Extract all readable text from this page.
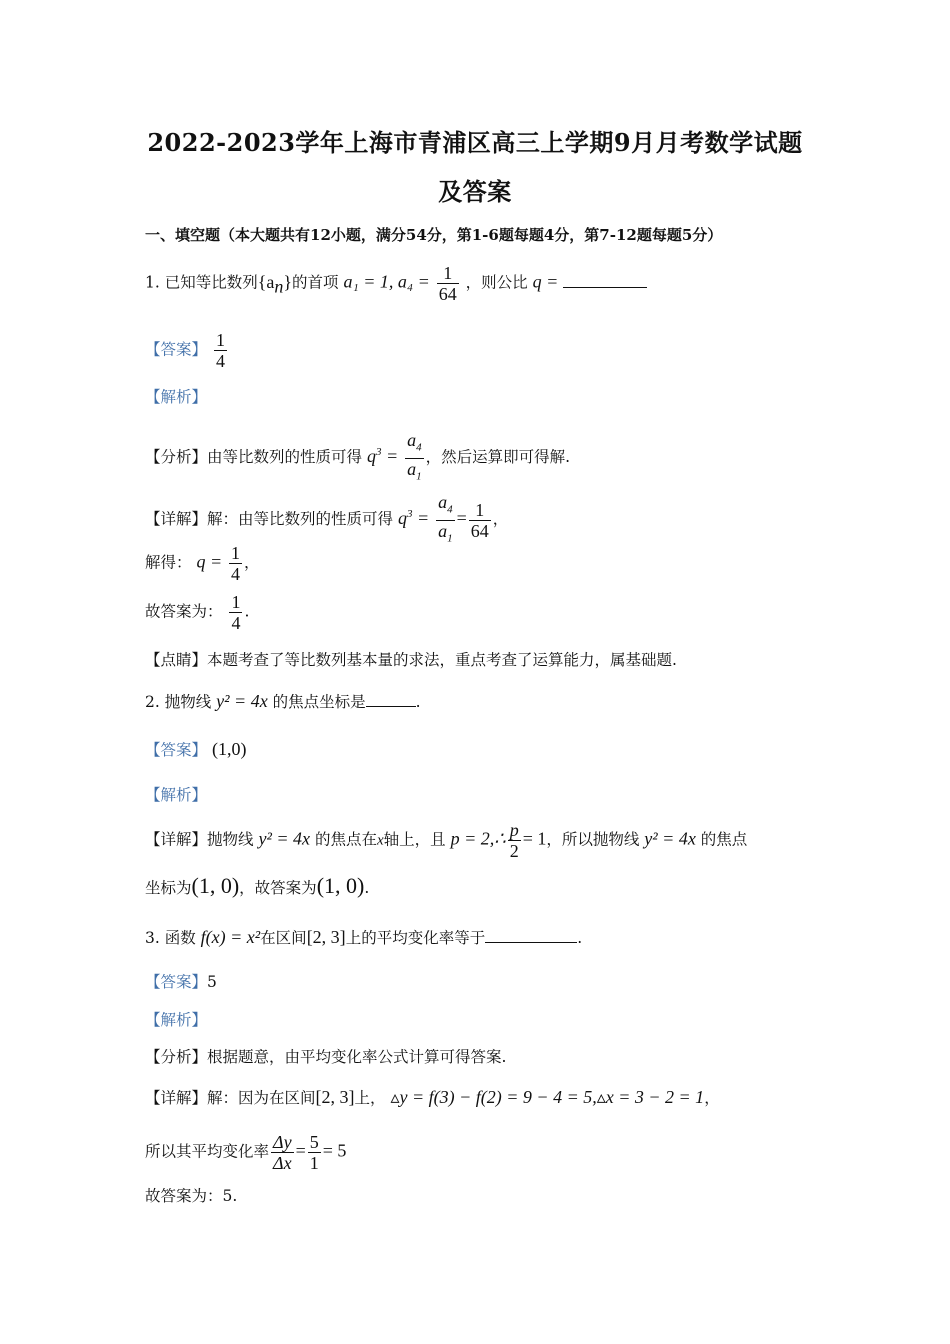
2022-2023学年上海市青浦区高三上学期9月月考数学试题
及答案
一、填空题（本大题共有12小题，满分54分，第1-6题每题4分，第7-12题每题5分）
1. 已知等比数列$\{a_n\}$的首项 a₁ = 1, $a_4 = \frac{1}{64}$ ，则公比 q =
【答案】 $\frac{1}{4}$
【解析】
【分析】由等比数列的性质可得 $q^3 = \frac{a_4}{a_1}$ ，然后运算即可得解.
【详解】解：由等比数列的性质可得 $q^3 = \frac{a_4}{a_1} = \frac{1}{64}$ ，
解得： $q = \frac{1}{4}$ ，
故答案为： $\frac{1}{4}$ .
【点睛】本题考查了等比数列基本量的求法，重点考查了运算能力，属基础题.
2. 抛物线 y² = 4x 的焦点坐标是	.
【答案】 (1,0)
【解析】
【详解】抛物线 y² = 4x 的焦点在x轴上，且 p = 2,∴ $\frac{p}{2} = 1$，所以抛物线 y² = 4x 的焦点
坐标为(1, 0)，故答案为(1, 0).
3. 函数 f(x) = x²在区间[2, 3]上的平均变化率等于	.
【答案】5
【解析】
【分析】根据题意，由平均变化率公式计算可得答案.
【详解】解：因为在区间[2, 3]上， ▵y = f(3) − f(2) = 9 − 4 = 5,▵x = 3 − 2 = 1，
所以其平均变化率 $\frac{\Delta y}{\Delta x} = \frac{5}{1} = 5$
故答案为：5.
